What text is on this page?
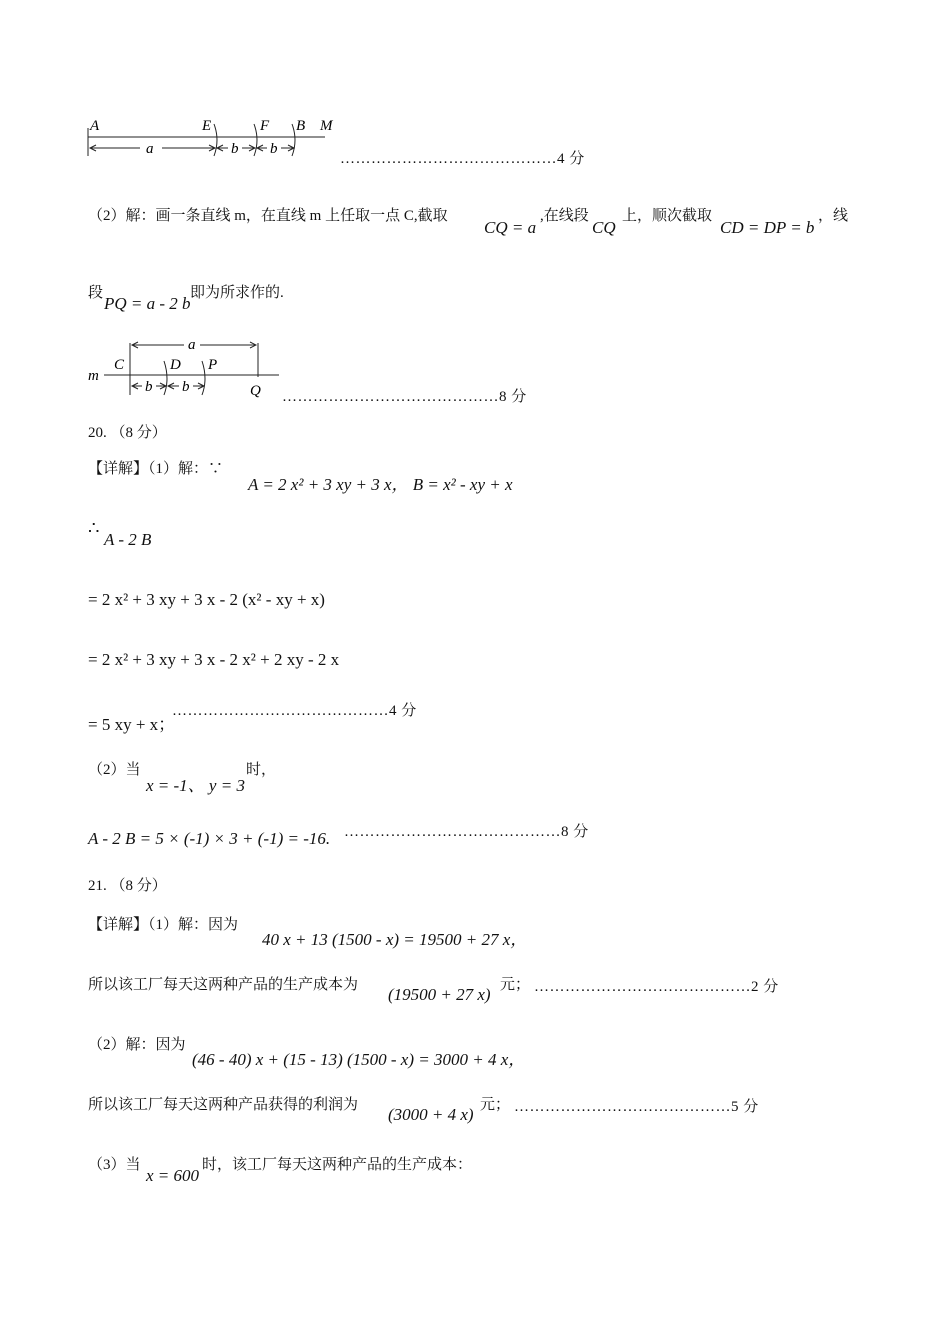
A	E	F B M
a	b b
……………………………………4 分
（2）解：画一条直线 m，在直线 m 上任取一点 C,截取
CQ = a
,在线段
CQ
上，顺次截取
CD = DP = b
，线
段
PQ = a - 2 b
即为所求作的.
m
C	D P
Q
a
b b
……………………………………8 分
20. （8 分）
【详解】（1）解：∵
A = 2 x² + 3 xy + 3 x， B = x² - xy + x
∴
A - 2 B
= 2 x² + 3 xy + 3 x - 2 (x² - xy + x)
= 2 x² + 3 xy + 3 x - 2 x² + 2 xy - 2 x
= 5 xy + x；
……………………………………4 分
（2）当
x = -1、 y = 3
时，
A - 2 B = 5 × (-1) × 3 + (-1) = -16. ……………………………………8 分
21. （8 分）
【详解】（1）解：因为
40 x + 13 (1500 - x) = 19500 + 27 x，
所以该工厂每天这两种产品的生产成本为 (19500 + 27 x) 元； ……………………………………2 分
（2）解：因为
(46 - 40) x + (15 - 13) (1500 - x) = 3000 + 4 x，
所以该工厂每天这两种产品获得的利润为 (3000 + 4 x) 元； ……………………………………5 分
（3）当
x = 600
时，该工厂每天这两种产品的生产成本：
